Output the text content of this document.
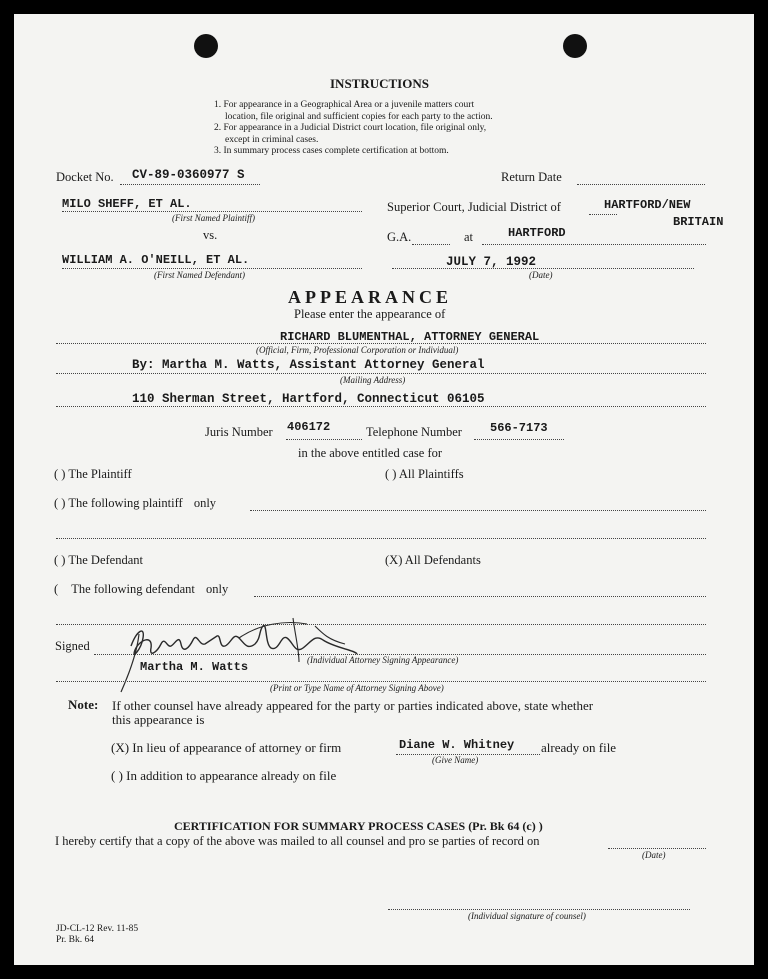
INSTRUCTIONS
1. For appearance in a Geographical Area or a juvenile matters court
location, file original and sufficient copies for each party to the action.
2. For appearance in a Judicial District court location, file original only,
except in criminal cases.
3. In summary process cases complete certification at bottom.
Docket No. CV-89-0360977 S	Return Date
MILO SHEFF, ET AL.
(First Named Plaintiff)
vs.
Superior Court, Judicial District of	HARTFORD/NEW
BRITAIN
G.A.	at	HARTFORD
WILLIAM A. O'NEILL, ET AL.
(First Named Defendant)
JULY 7, 1992
(Date)
APPEARANCE
Please enter the appearance of
RICHARD BLUMENTHAL, ATTORNEY GENERAL
(Official, Firm, Professional Corporation or Individual)
By: Martha M. Watts, Assistant Attorney General
(Mailing Address)
110 Sherman Street, Hartford, Connecticut 06105
Juris Number 406172	Telephone Number 566-7173
in the above entitled case for
( ) The Plaintiff	( ) All Plaintiffs
( ) The following plaintiff only
( ) The Defendant	(X) All Defendants
( The following defendant only
Signed
(Individual Attorney Signing Appearance)
Martha M. Watts
(Print or Type Name of Attorney Signing Above)
Note: If other counsel have already appeared for the party or parties indicated above, state whether
this appearance is
(X) In lieu of appearance of attorney or firm	Diane W. Whitney already on file
(Give Name)
( ) In addition to appearance already on file
CERTIFICATION FOR SUMMARY PROCESS CASES (Pr. Bk 64 (c) )
I hereby certify that a copy of the above was mailed to all counsel and pro se parties of record on
(Date)
(Individual signature of counsel)
JD-CL-12 Rev. 11-85
Pr. Bk. 64
